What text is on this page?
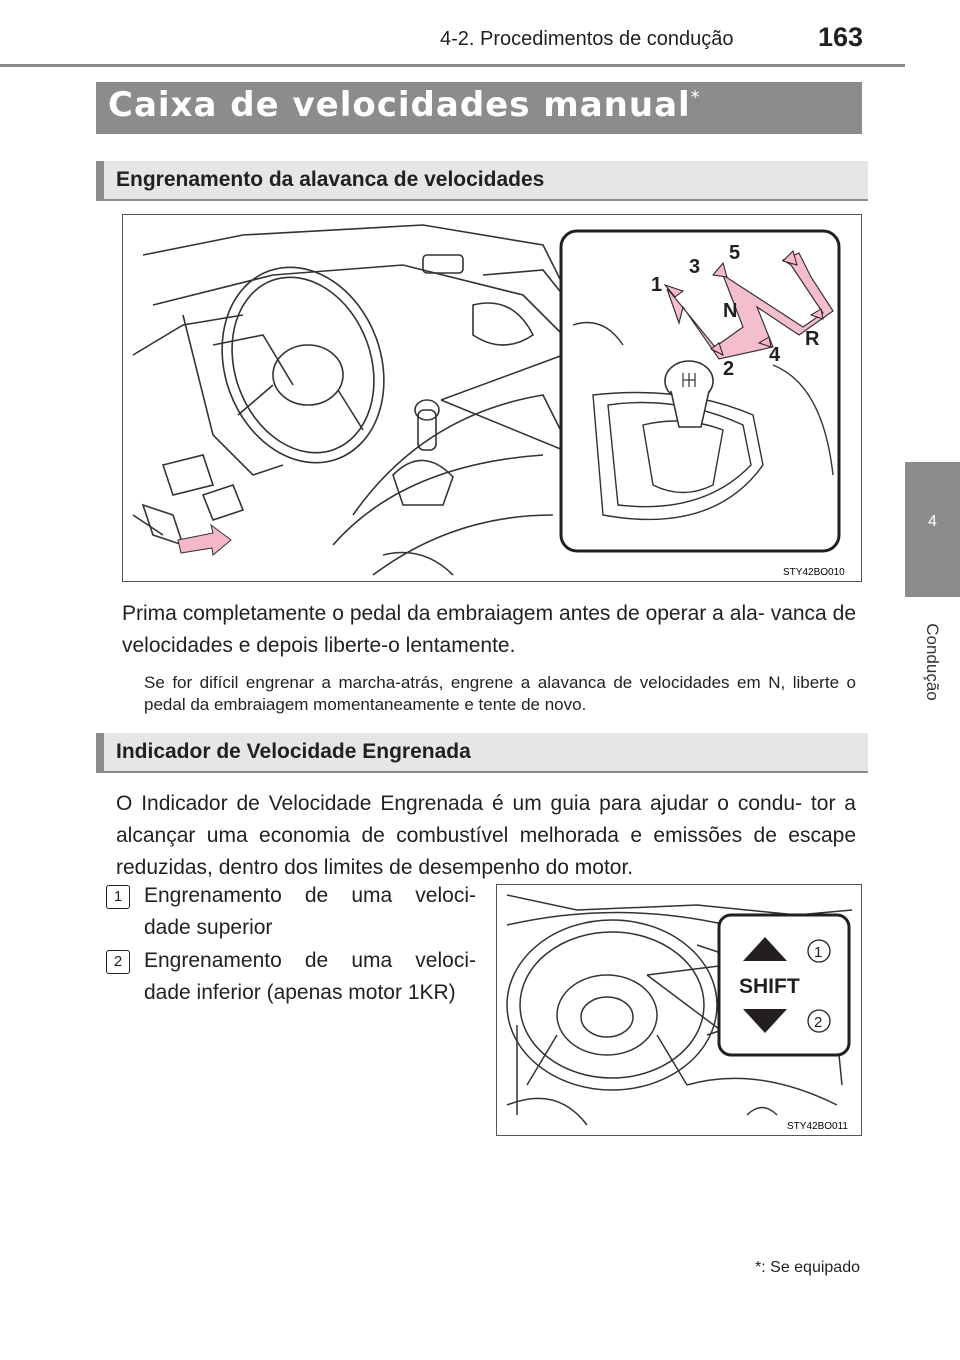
4-2. Procedimentos de condução	163
4
Condução
Caixa de velocidades manual*
Engrenamento da alavanca de velocidades
1
3
5
N
2
4
R
STY42BO010
Prima completamente o pedal da embraiagem antes de operar a ala- vanca de velocidades e depois liberte-o lentamente.
Se for difícil engrenar a marcha-atrás, engrene a alavanca de velocidades em N, liberte o pedal da embraiagem momentaneamente e tente de novo.
Indicador de Velocidade Engrenada
O Indicador de Velocidade Engrenada é um guia para ajudar o condu- tor a alcançar uma economia de combustível melhorada e emissões de escape reduzidas, dentro dos limites de desempenho do motor.
1	Engrenamento de uma veloci- dade superior
2	Engrenamento de uma veloci- dade inferior (apenas motor 1KR)	SHIFT
1
2
STY42BO011
*: Se equipado
